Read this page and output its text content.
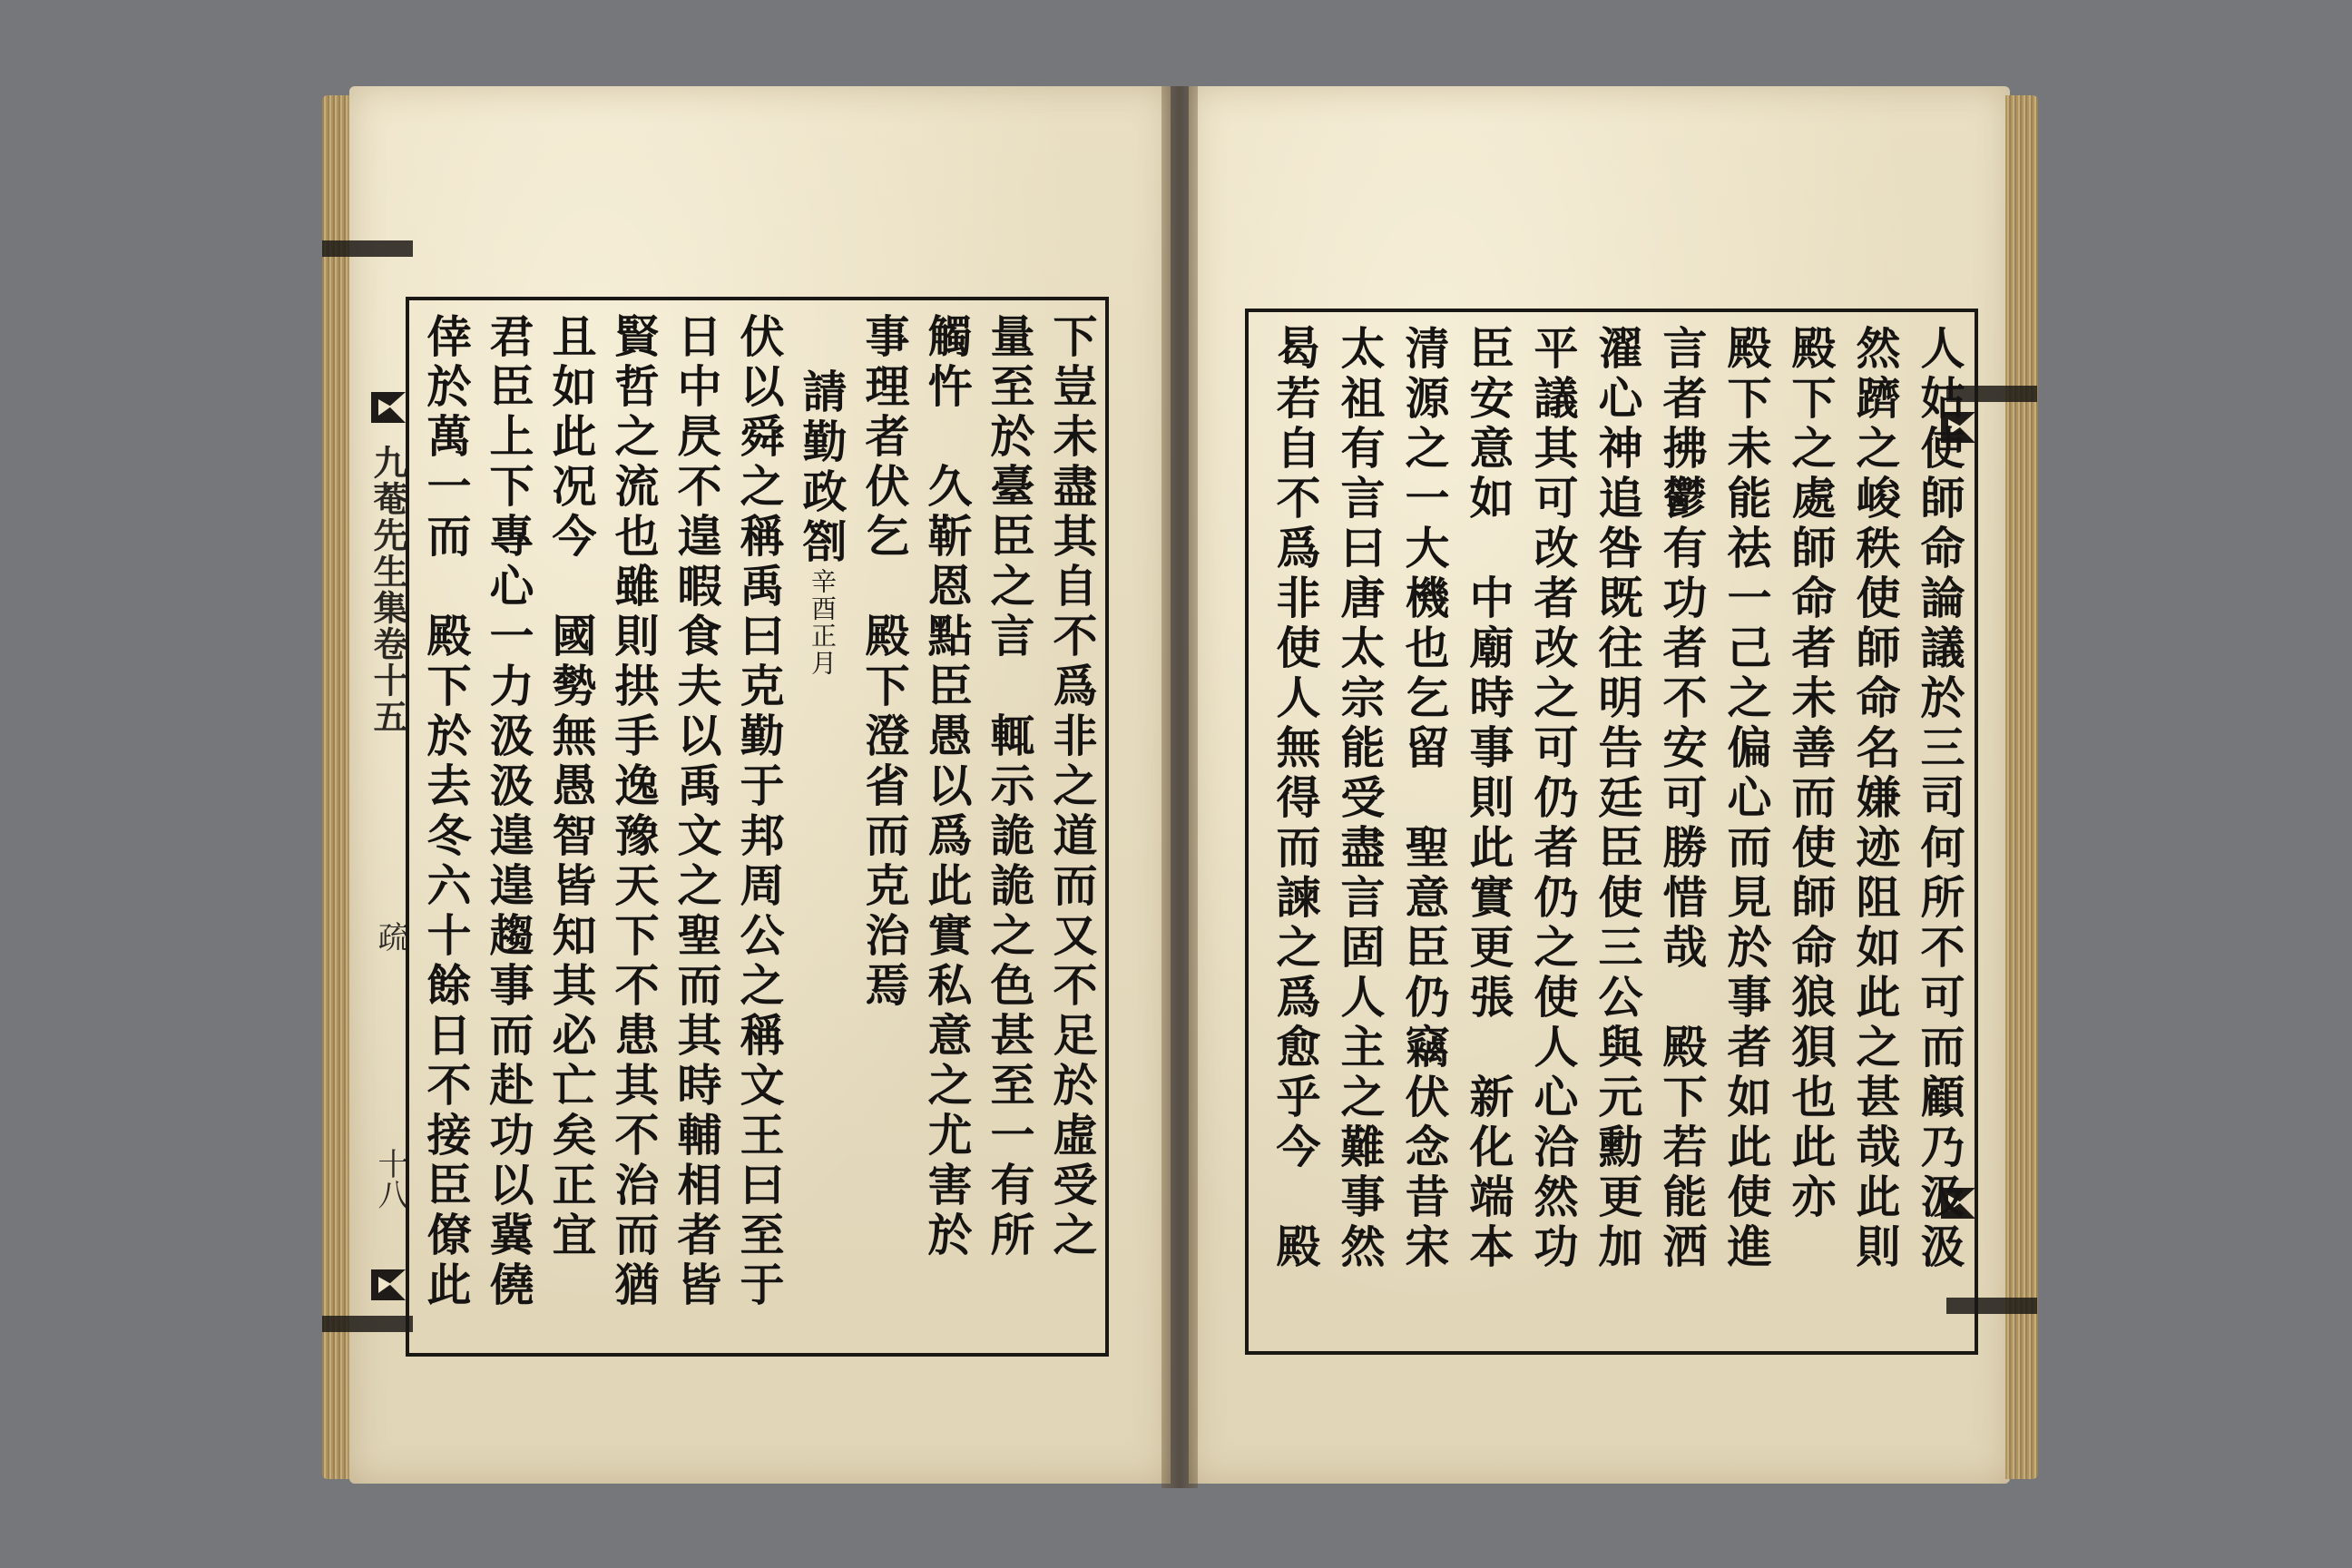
九菴先生集卷十五
疏
十八	下豈未盡其自不爲非之道而又不足於虛受之
量至於臺臣之言　輒示詭詭之色甚至一有所
觸忤　久靳恩點臣愚以爲此實私意之尤害於
事理者伏乞　殿下澄省而克治焉
請勤政劄辛酉正月
伏以舜之稱禹曰克勤于邦周公之稱文王曰至于
日中昃不遑暇食夫以禹文之聖而其時輔相者皆
賢哲之流也雖則拱手逸豫天下不患其不治而猶
且如此况今　國勢無愚智皆知其必亡矣正宜
君臣上下專心一力汲汲遑遑趨事而赴功以冀僥
倖於萬一而　殿下於去冬六十餘日不接臣僚此	人姑使師命論議於三司何所不可而顧乃汲汲
然躋之峻秩使師命名嫌迹阻如此之甚哉此則
殿下之處師命者未善而使師命狼狽也此亦
殿下未能祛一己之偏心而見於事者如此使進
言者拂鬱有功者不安可勝惜哉　殿下若能洒
濯心神追咎既往明告廷臣使三公與元勳更加
平議其可改者改之可仍者仍之使人心洽然功
臣安意如　中廟時事則此實更張　新化端本
清源之一大機也乞留　聖意臣仍竊伏念昔宋
太祖有言曰唐太宗能受盡言固人主之難事然
曷若自不爲非使人無得而諫之爲愈乎今　殿
